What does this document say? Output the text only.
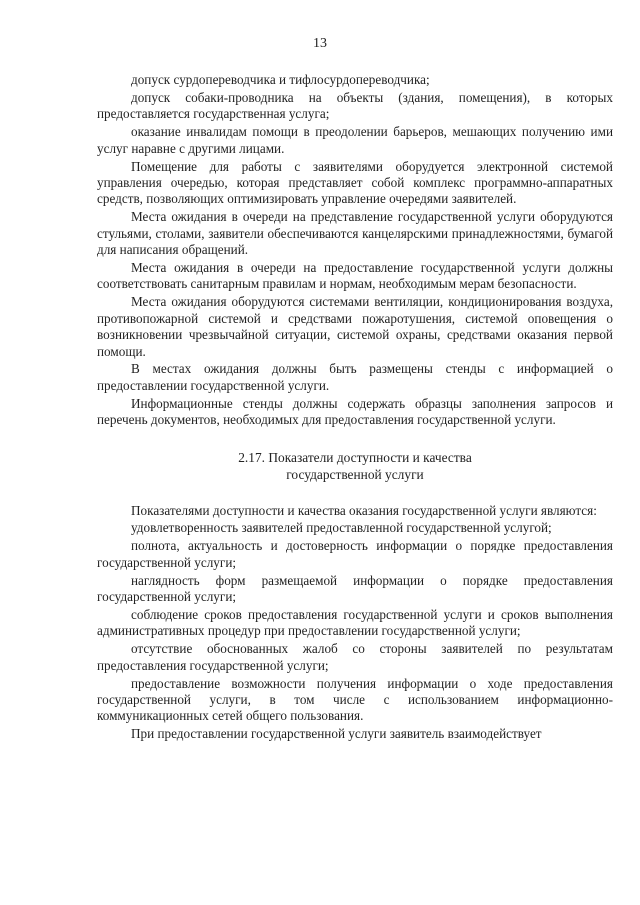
13

допуск сурдопереводчика и тифлосурдопереводчика;

допуск собаки-проводника на объекты (здания, помещения), в которых предоставляется государственная услуга;

оказание инвалидам помощи в преодолении барьеров, мешающих получению ими услуг наравне с другими лицами.

Помещение для работы с заявителями оборудуется электронной системой управления очередью, которая представляет собой комплекс программно-аппаратных средств, позволяющих оптимизировать управление очередями заявителей.

Места ожидания в очереди на представление государственной услуги оборудуются стульями, столами, заявители обеспечиваются канцелярскими принадлежностями, бумагой для написания обращений.

Места ожидания в очереди на предоставление государственной услуги должны соответствовать санитарным правилам и нормам, необходимым мерам безопасности.

Места ожидания оборудуются системами вентиляции, кондиционирования воздуха, противопожарной системой и средствами пожаротушения, системой оповещения о возникновении чрезвычайной ситуации, системой охраны, средствами оказания первой помощи.

В местах ожидания должны быть размещены стенды с информацией о предоставлении государственной услуги.

Информационные стенды должны содержать образцы заполнения запросов и перечень документов, необходимых для предоставления государственной услуги.

2.17. Показатели доступности и качества
государственной услуги

Показателями доступности и качества оказания государственной услуги являются:

удовлетворенность заявителей предоставленной государственной услугой;

полнота, актуальность и достоверность информации о порядке предоставления государственной услуги;

наглядность форм размещаемой информации о порядке предоставления государственной услуги;

соблюдение сроков предоставления государственной услуги и сроков выполнения административных процедур при предоставлении государственной услуги;

отсутствие обоснованных жалоб со стороны заявителей по результатам предоставления государственной услуги;

предоставление возможности получения информации о ходе предоставления государственной услуги, в том числе с использованием информационно-коммуникационных сетей общего пользования.

При предоставлении государственной услуги заявитель взаимодействует
